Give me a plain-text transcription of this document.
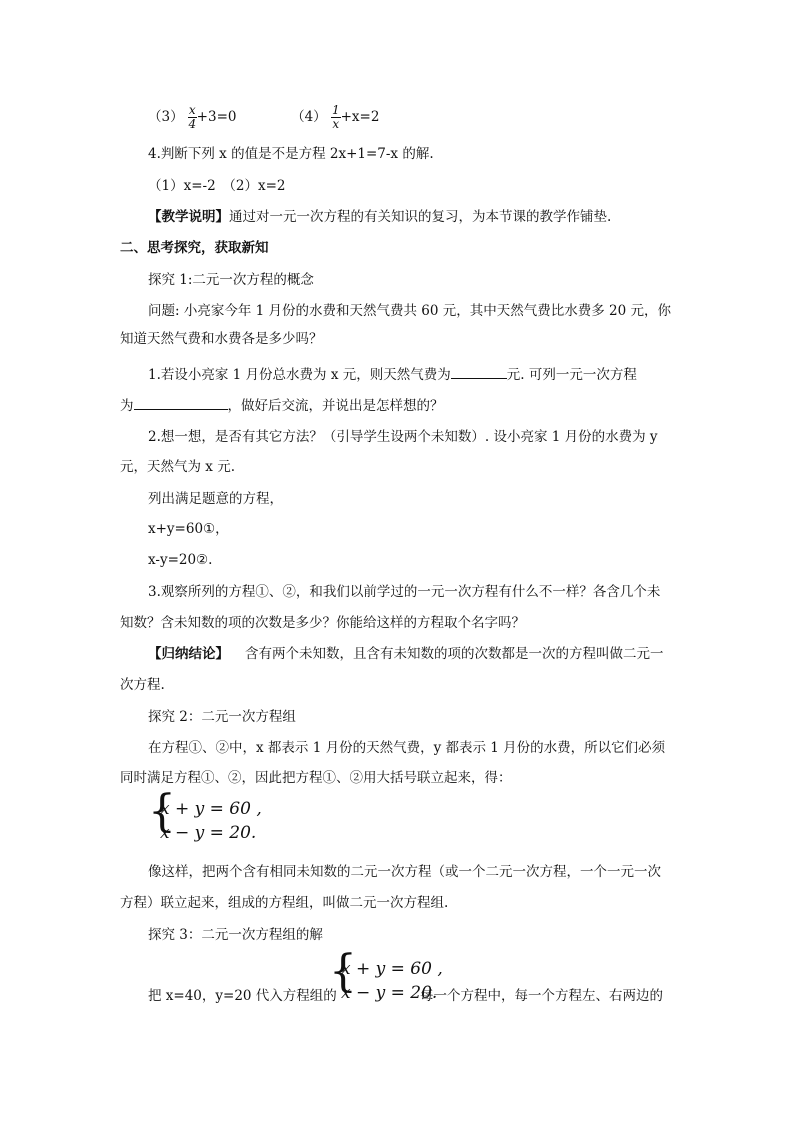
$(3) \frac{x}{4} +3=0$	$(4) \frac{1}{x} +x=2$
4.判断下列 x 的值是不是方程 2x+1=7-x 的解.
（1）x=-2　（2）x=2
【教学说明】通过对一元一次方程的有关知识的复习，为本节课的教学作铺垫.
二、思考探究，获取新知
探究 1:二元一次方程的概念
问题: 小亮家今年 1 月份的水费和天然气费共 60 元，其中天然气费比水费多 20 元，你
知道天然气费和水费各是多少吗？
1.若设小亮家 1 月份总水费为 x 元，则天然气费为	元. 可列一元一次方程
为	，做好后交流，并说出是怎样想的？
2.想一想，是否有其它方法？（引导学生设两个未知数）. 设小亮家 1 月份的水费为 y
元，天然气为 x 元.
列出满足题意的方程，
x+y=60①，
x-y=20②.
3.观察所列的方程①、②，和我们以前学过的一元一次方程有什么不一样？各含几个未
知数？含未知数的项的次数是多少？你能给这样的方程取个名字吗？
【归纳结论】 含有两个未知数，且含有未知数的项的次数都是一次的方程叫做二元一
次方程.
探究 2：二元一次方程组
在方程①、②中，x 都表示 1 月份的天然气费，y 都表示 1 月份的水费，所以它们必须
同时满足方程①、②，因此把方程①、②用大括号联立起来，得：
{
x + y = 60 ,
x − y = 20.
像这样，把两个含有相同未知数的二元一次方程（或一个二元一次方程，一个一元一次
方程）联立起来，组成的方程组，叫做二元一次方程组.
探究 3：二元一次方程组的解
把 x=40，y=20 代入方程组的
{
x + y = 60 ,
x − y = 20.
每一个方程中，每一个方程左、右两边的
